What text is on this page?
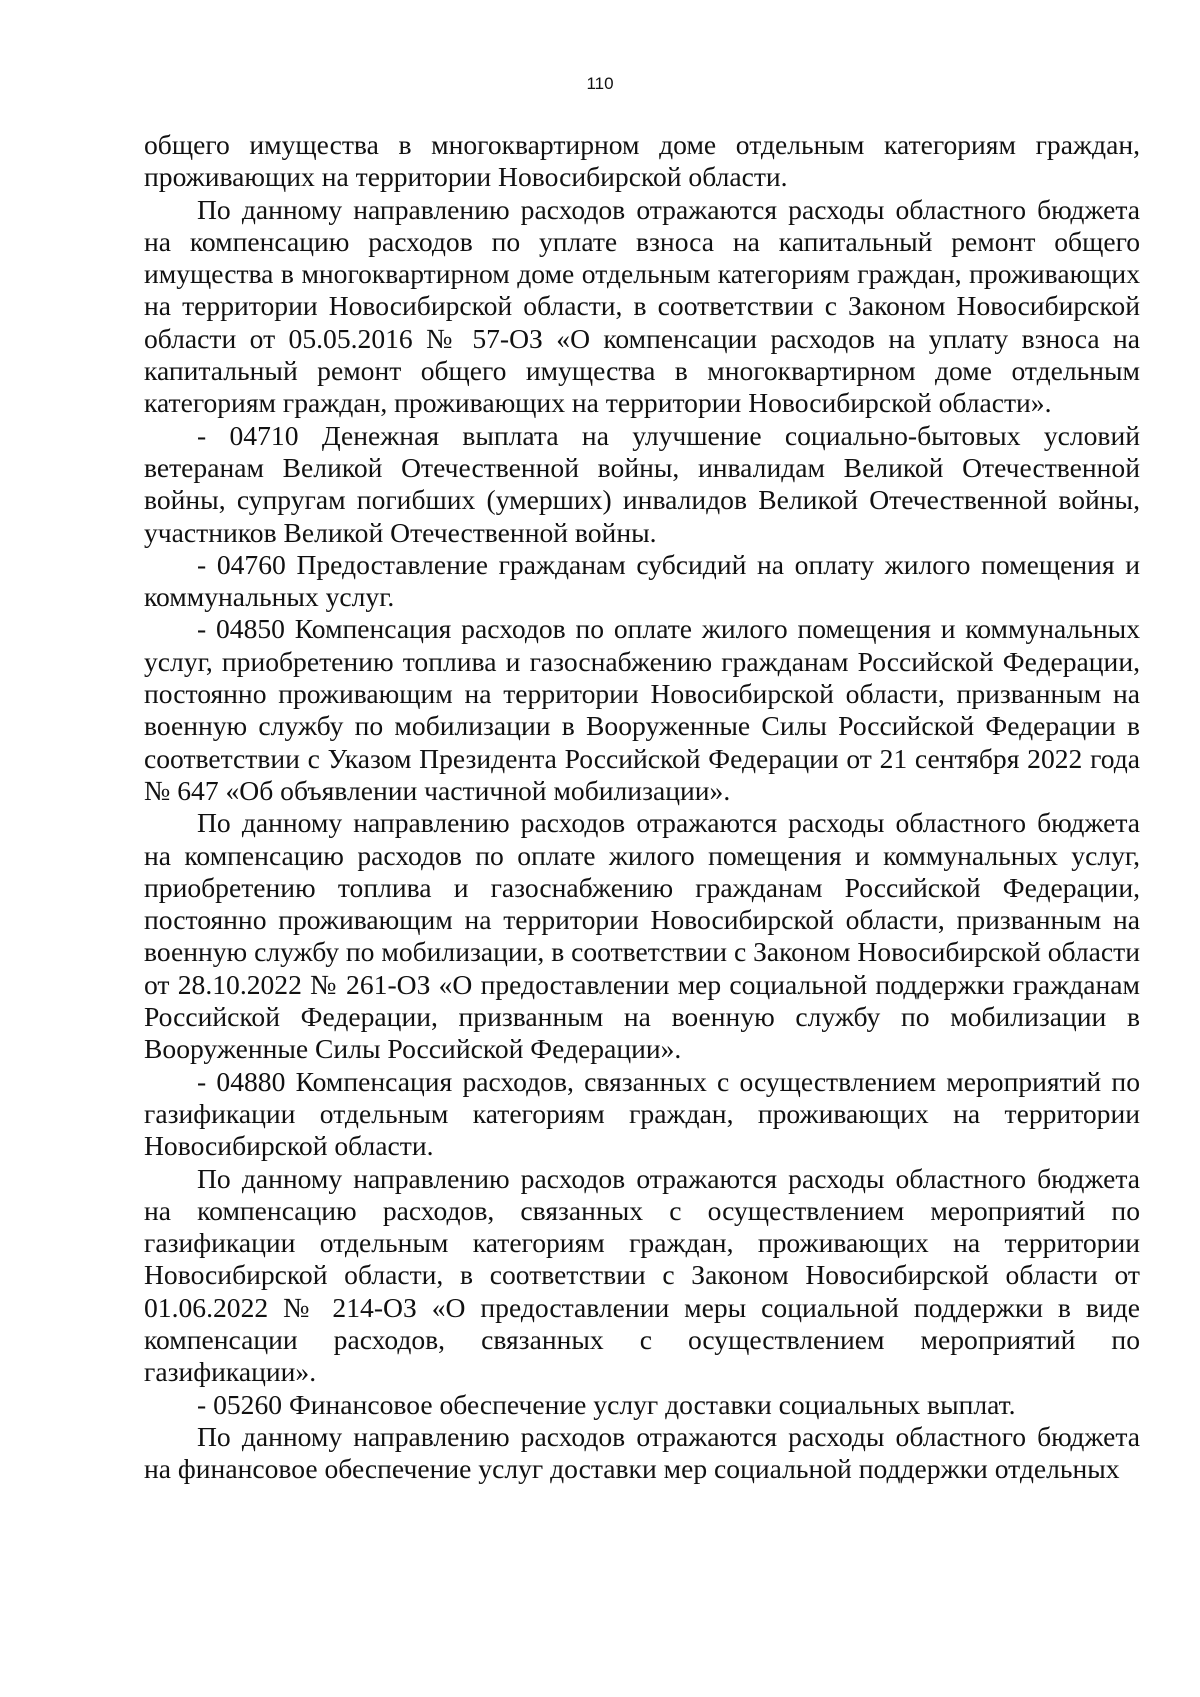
110

общего имущества в многоквартирном доме отдельным категориям граждан, проживающих на территории Новосибирской области.

По данному направлению расходов отражаются расходы областного бюджета на компенсацию расходов по уплате взноса на капитальный ремонт общего имущества в многоквартирном доме отдельным категориям граждан, проживающих на территории Новосибирской области, в соответствии с Законом Новосибирской области от 05.05.2016 № 57-ОЗ «О компенсации расходов на уплату взноса на капитальный ремонт общего имущества в многоквартирном доме отдельным категориям граждан, проживающих на территории Новосибирской области».

- 04710 Денежная выплата на улучшение социально-бытовых условий ветеранам Великой Отечественной войны, инвалидам Великой Отечественной войны, супругам погибших (умерших) инвалидов Великой Отечественной войны, участников Великой Отечественной войны.

- 04760 Предоставление гражданам субсидий на оплату жилого помещения и коммунальных услуг.

- 04850 Компенсация расходов по оплате жилого помещения и коммунальных услуг, приобретению топлива и газоснабжению гражданам Российской Федерации, постоянно проживающим на территории Новосибирской области, призванным на военную службу по мобилизации в Вооруженные Силы Российской Федерации в соответствии с Указом Президента Российской Федерации от 21 сентября 2022 года № 647 «Об объявлении частичной мобилизации».

По данному направлению расходов отражаются расходы областного бюджета на компенсацию расходов по оплате жилого помещения и коммунальных услуг, приобретению топлива и газоснабжению гражданам Российской Федерации, постоянно проживающим на территории Новосибирской области, призванным на военную службу по мобилизации, в соответствии с Законом Новосибирской области от 28.10.2022 № 261-ОЗ «О предоставлении мер социальной поддержки гражданам Российской Федерации, призванным на военную службу по мобилизации в Вооруженные Силы Российской Федерации».

- 04880 Компенсация расходов, связанных с осуществлением мероприятий по газификации отдельным категориям граждан, проживающих на территории Новосибирской области.

По данному направлению расходов отражаются расходы областного бюджета на компенсацию расходов, связанных с осуществлением мероприятий по газификации отдельным категориям граждан, проживающих на территории Новосибирской области, в соответствии с Законом Новосибирской области от 01.06.2022 № 214-ОЗ «О предоставлении меры социальной поддержки в виде компенсации расходов, связанных с осуществлением мероприятий по газификации».

- 05260 Финансовое обеспечение услуг доставки социальных выплат.

По данному направлению расходов отражаются расходы областного бюджета на финансовое обеспечение услуг доставки мер социальной поддержки отдельных
